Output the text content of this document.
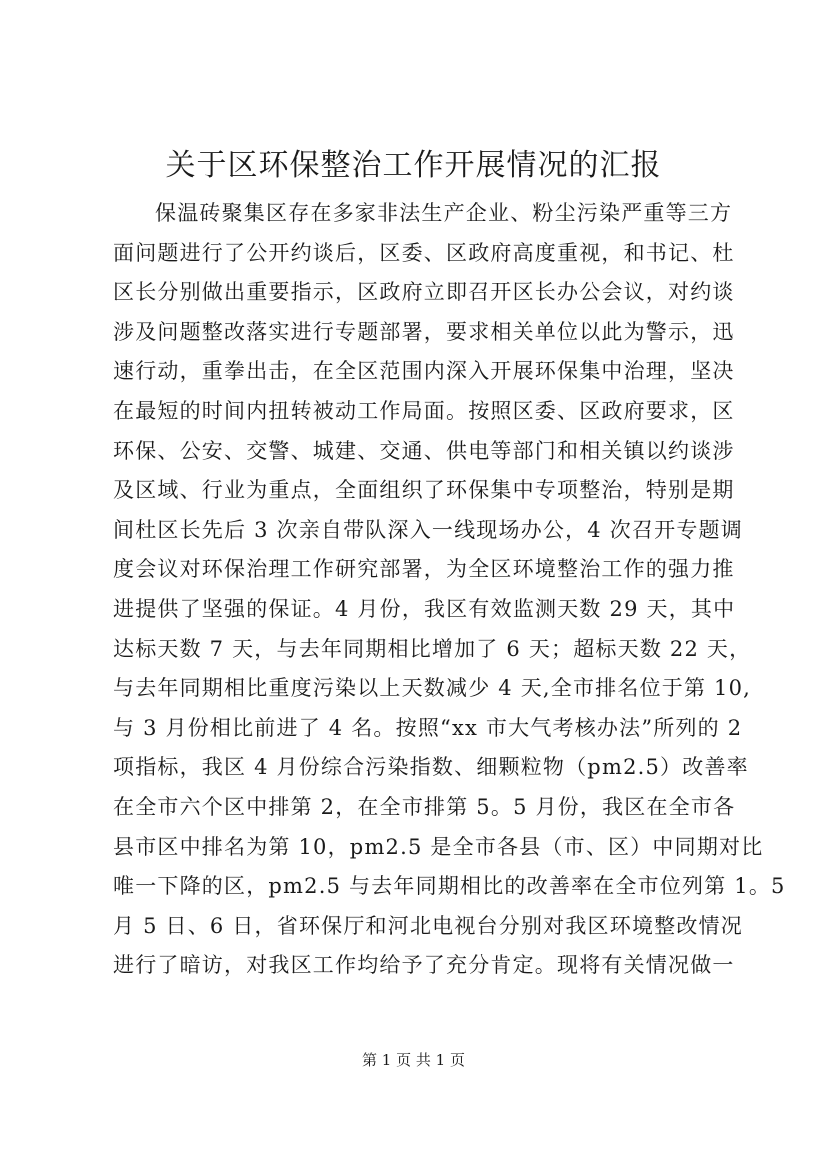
关于区环保整治工作开展情况的汇报
保温砖聚集区存在多家非法生产企业、粉尘污染严重等三方
面问题进行了公开约谈后，区委、区政府高度重视，和书记、杜
区长分别做出重要指示，区政府立即召开区长办公会议，对约谈
涉及问题整改落实进行专题部署，要求相关单位以此为警示，迅
速行动，重拳出击，在全区范围内深入开展环保集中治理，坚决
在最短的时间内扭转被动工作局面。按照区委、区政府要求，区
环保、公安、交警、城建、交通、供电等部门和相关镇以约谈涉
及区域、行业为重点，全面组织了环保集中专项整治，特别是期
间杜区长先后 3 次亲自带队深入一线现场办公，4 次召开专题调
度会议对环保治理工作研究部署，为全区环境整治工作的强力推
进提供了坚强的保证。4 月份，我区有效监测天数 29 天，其中
达标天数 7 天，与去年同期相比增加了 6 天；超标天数 22 天，
与去年同期相比重度污染以上天数减少 4 天,全市排名位于第 10,
与 3 月份相比前进了 4 名。按照“xx 市大气考核办法”所列的 2
项指标，我区 4 月份综合污染指数、细颗粒物（pm2.5）改善率
在全市六个区中排第 2，在全市排第 5。5 月份，我区在全市各
县市区中排名为第 10，pm2.5 是全市各县（市、区）中同期对比
唯一下降的区，pm2.5 与去年同期相比的改善率在全市位列第 1。5
月 5 日、6 日，省环保厅和河北电视台分别对我区环境整改情况
进行了暗访，对我区工作均给予了充分肯定。现将有关情况做一
第 1 页 共 1 页
